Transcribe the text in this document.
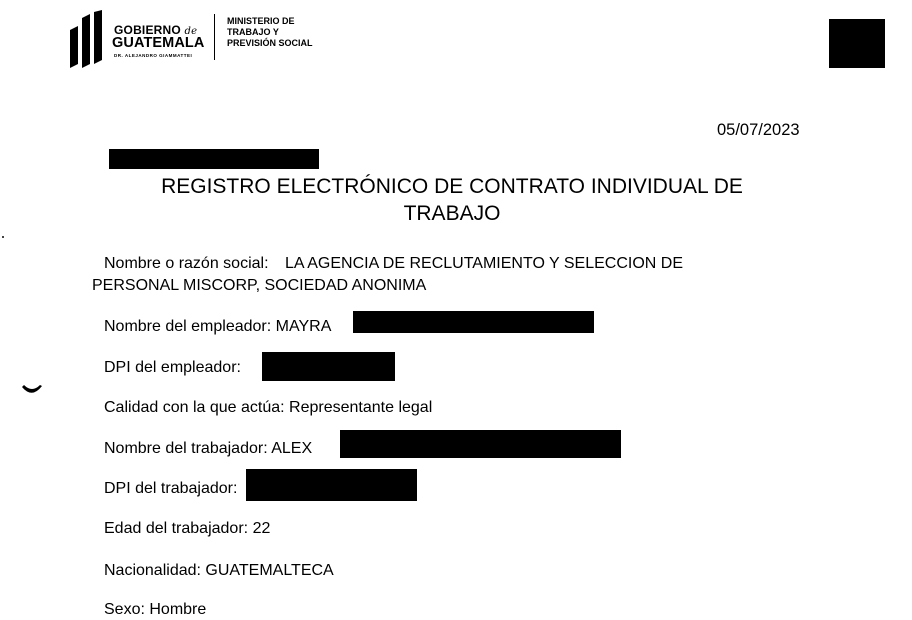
GOBIERNO de
GUATEMALA
DR. ALEJANDRO GIAMMATTEI
MINISTERIO DE
TRABAJO Y
PREVISIÓN SOCIAL
05/07/2023
REGISTRO ELECTRÓNICO DE CONTRATO INDIVIDUAL DE
TRABAJO
Nombre o razón social: LA AGENCIA DE RECLUTAMIENTO Y SELECCION DE
PERSONAL MISCORP, SOCIEDAD ANONIMA
Nombre del empleador: MAYRA
DPI del empleador:
Calidad con la que actúa: Representante legal
Nombre del trabajador: ALEX
DPI del trabajador:
Edad del trabajador: 22
Nacionalidad: GUATEMALTECA
Sexo: Hombre
